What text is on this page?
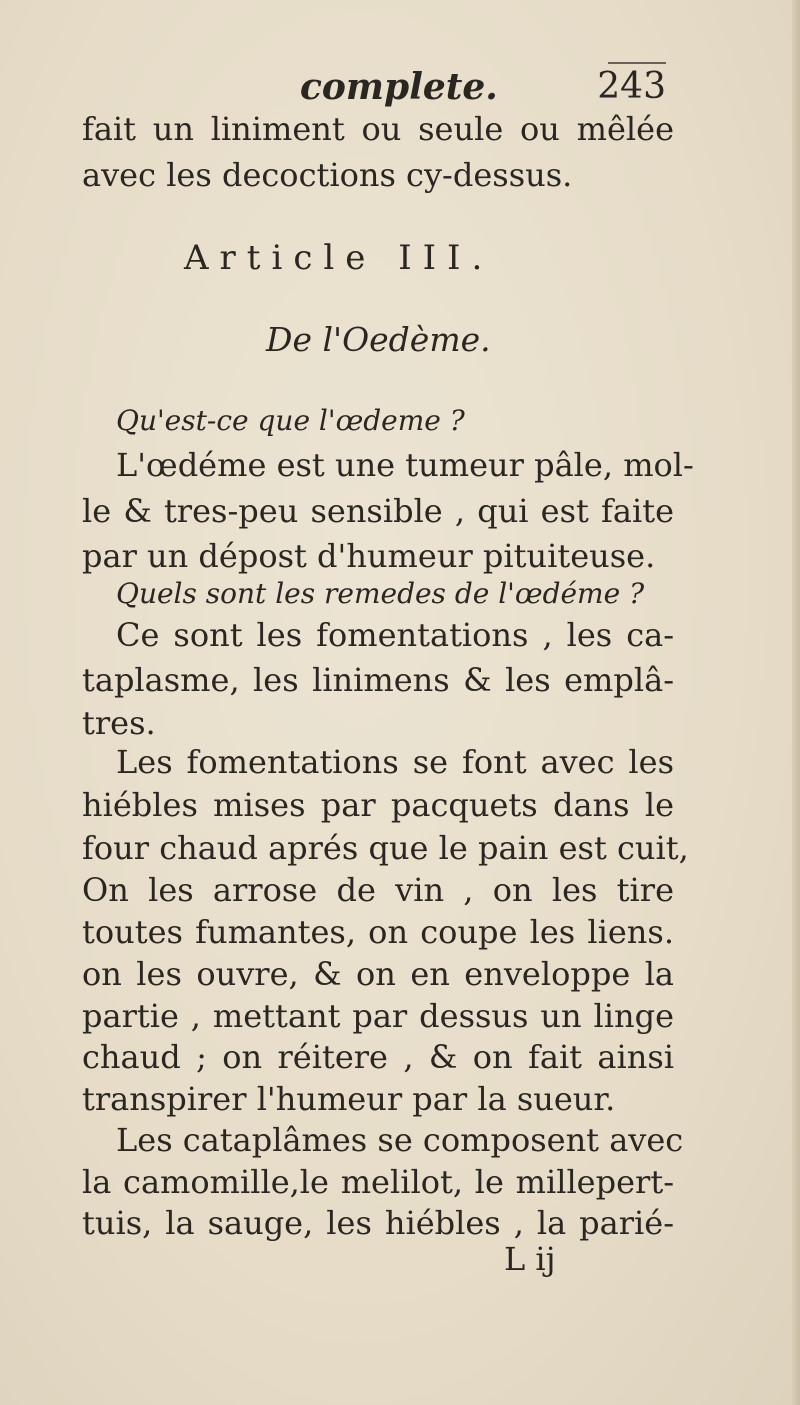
complete.	243
fait un liniment ou seule ou mêlée
avec les decoctions cy-dessus.
Article III.
De l'Oedème.
Qu'est-ce que l'œdeme ?
L'œdéme est une tumeur pâle, mol-
le & tres-peu sensible , qui est faite
par un dépost d'humeur pituiteuse.
Quels sont les remedes de l'œdéme ?
Ce sont les fomentations , les ca-
taplasme, les linimens & les emplâ-
tres.
Les fomentations se font avec les
hiébles mises par pacquets dans le
four chaud aprés que le pain est cuit,
On les arrose de vin , on les tire
toutes fumantes, on coupe les liens.
on les ouvre, & on en enveloppe la
partie , mettant par dessus un linge
chaud ; on réitere , & on fait ainsi
transpirer l'humeur par la sueur.
Les cataplâmes se composent avec
la camomille,le melilot, le millepert-
tuis, la sauge, les hiébles , la parié-
L ij
